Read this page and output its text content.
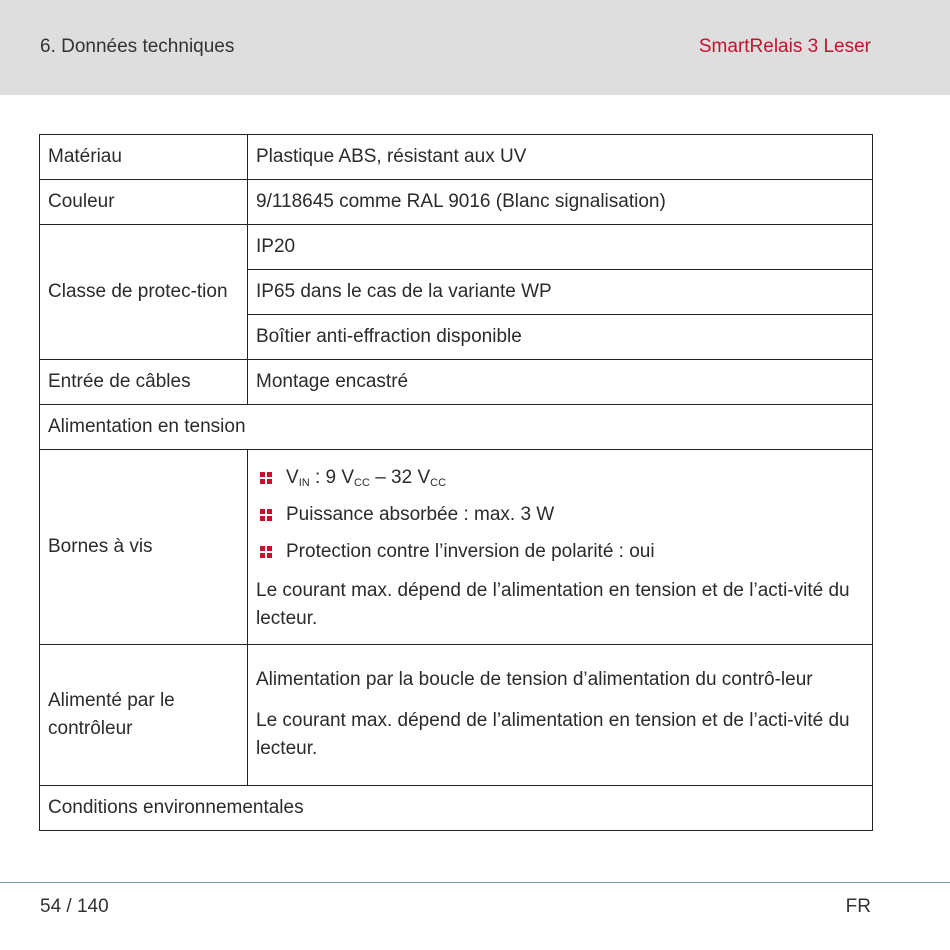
6. Données techniques	SmartRelais 3 Leser
Matériau	Plastique ABS, résistant aux UV
Couleur	9/118645 comme RAL 9016 (Blanc signalisation)
Classe de protec-tion	IP20
	IP65 dans le cas de la variante WP
	Boîtier anti-effraction disponible
Entrée de câbles	Montage encastré
Alimentation en tension	
Bornes à vis	$V_{IN}$ : 9 $V_{CC} - 32$ $V_{CC}$
Puissance absorbée : max. 3 W
Protection contre l’inversion de polarité : oui
Le courant max. dépend de l’alimentation en tension et de l’acti-vité du lecteur.

Alimenté par le contrôleur	Alimentation par la boucle de tension d’alimentation du contrô-leur
Le courant max. dépend de l’alimentation en tension et de l’acti-vité du lecteur.

Conditions environnementales	
54 / 140	FR
